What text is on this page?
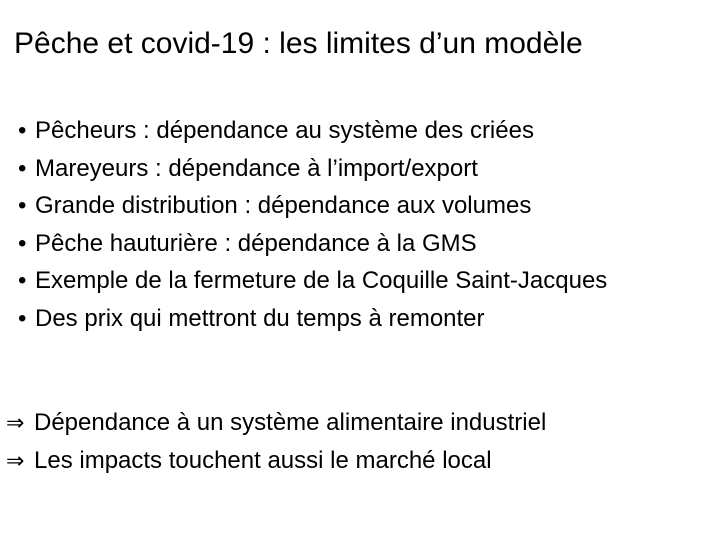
Pêche et covid-19 : les limites d’un modèle
• Pêcheurs : dépendance au système des criées
• Mareyeurs : dépendance à l’import/export
• Grande distribution : dépendance aux volumes
• Pêche hauturière : dépendance à la GMS
• Exemple de la fermeture de la Coquille Saint-Jacques
• Des prix qui mettront du temps à remonter
⇒ Dépendance à un système alimentaire industriel
⇒ Les impacts touchent aussi le marché local
